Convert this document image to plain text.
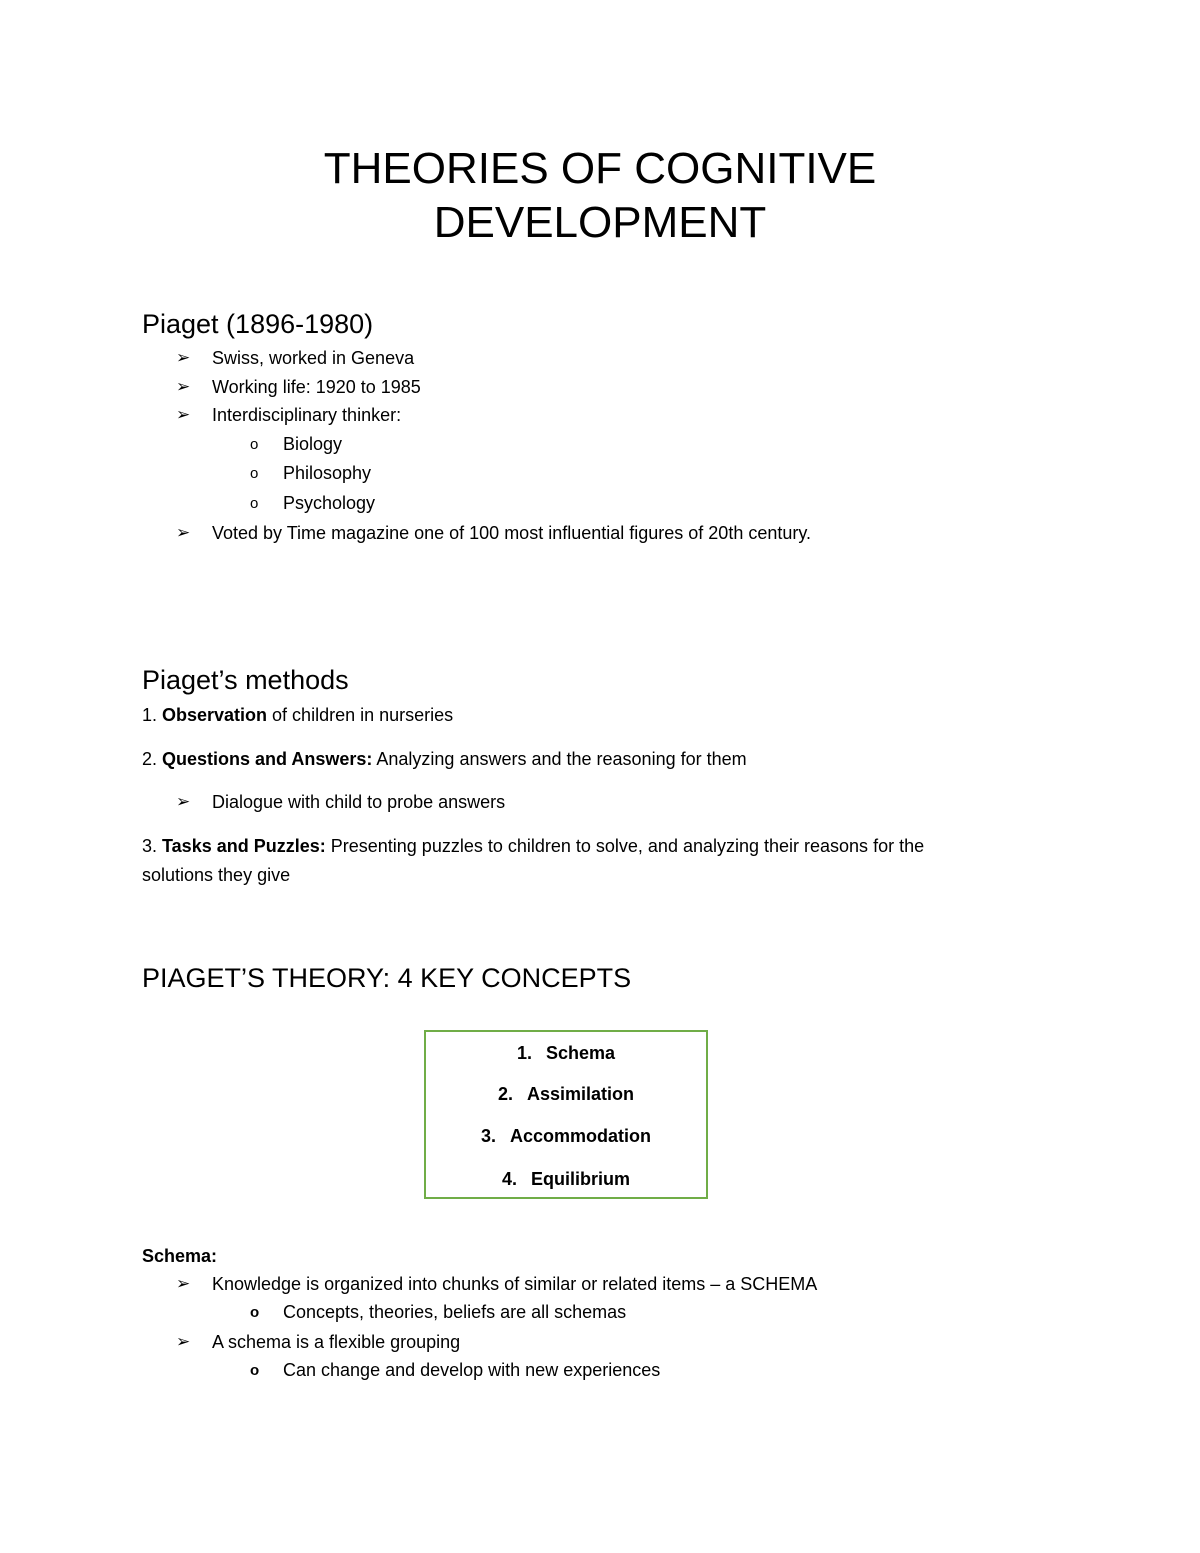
THEORIES OF COGNITIVE
DEVELOPMENT
Piaget (1896-1980)
➢ Swiss, worked in Geneva
➢ Working life: 1920 to 1985
➢ Interdisciplinary thinker:
o Biology
o Philosophy
o Psychology
➢ Voted by Time magazine one of 100 most influential figures of 20th century.
Piaget’s methods
1. Observation of children in nurseries
2. Questions and Answers: Analyzing answers and the reasoning for them
➢ Dialogue with child to probe answers
3. Tasks and Puzzles: Presenting puzzles to children to solve, and analyzing their reasons for the
solutions they give
PIAGET’S THEORY: 4 KEY CONCEPTS
1. Schema
2. Assimilation
3. Accommodation
4. Equilibrium
Schema:
➢ Knowledge is organized into chunks of similar or related items – a SCHEMA
o Concepts, theories, beliefs are all schemas
➢ A schema is a flexible grouping
o Can change and develop with new experiences
